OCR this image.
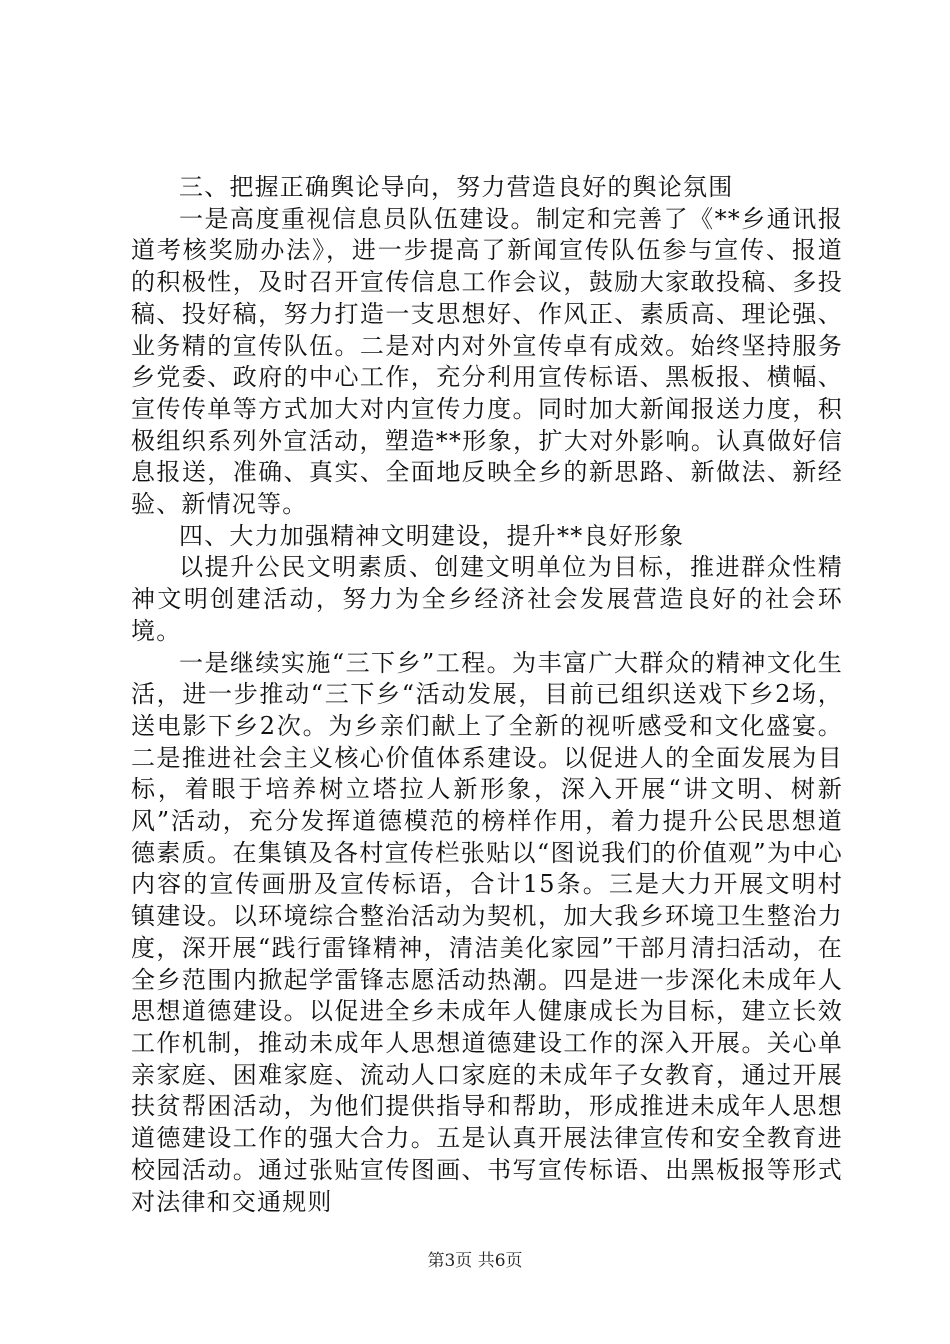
三、把握正确舆论导向，努力营造良好的舆论氛围

一是高度重视信息员队伍建设。制定和完善了《**乡通讯报道考核奖励办法》，进一步提高了新闻宣传队伍参与宣传、报道的积极性，及时召开宣传信息工作会议，鼓励大家敢投稿、多投稿、投好稿，努力打造一支思想好、作风正、素质高、理论强、业务精的宣传队伍。二是对内对外宣传卓有成效。始终坚持服务乡党委、政府的中心工作，充分利用宣传标语、黑板报、横幅、宣传传单等方式加大对内宣传力度。同时加大新闻报送力度，积极组织系列外宣活动，塑造**形象，扩大对外影响。认真做好信息报送，准确、真实、全面地反映全乡的新思路、新做法、新经验、新情况等。

四、大力加强精神文明建设，提升**良好形象

以提升公民文明素质、创建文明单位为目标，推进群众性精神文明创建活动，努力为全乡经济社会发展营造良好的社会环境。

一是继续实施“三下乡”工程。为丰富广大群众的精神文化生活，进一步推动“三下乡“活动发展，目前已组织送戏下乡2场，送电影下乡2次。为乡亲们献上了全新的视听感受和文化盛宴。二是推进社会主义核心价值体系建设。以促进人的全面发展为目标，着眼于培养树立塔拉人新形象，深入开展“讲文明、树新风”活动，充分发挥道德模范的榜样作用，着力提升公民思想道德素质。在集镇及各村宣传栏张贴以“图说我们的价值观”为中心内容的宣传画册及宣传标语，合计15条。三是大力开展文明村镇建设。以环境综合整治活动为契机，加大我乡环境卫生整治力度，深开展“践行雷锋精神，清洁美化家园”干部月清扫活动，在全乡范围内掀起学雷锋志愿活动热潮。四是进一步深化未成年人思想道德建设。以促进全乡未成年人健康成长为目标，建立长效工作机制，推动未成年人思想道德建设工作的深入开展。关心单亲家庭、困难家庭、流动人口家庭的未成年子女教育，通过开展扶贫帮困活动，为他们提供指导和帮助，形成推进未成年人思想道德建设工作的强大合力。五是认真开展法律宣传和安全教育进校园活动。通过张贴宣传图画、书写宣传标语、出黑板报等形式对法律和交通规则

第3页 共6页
